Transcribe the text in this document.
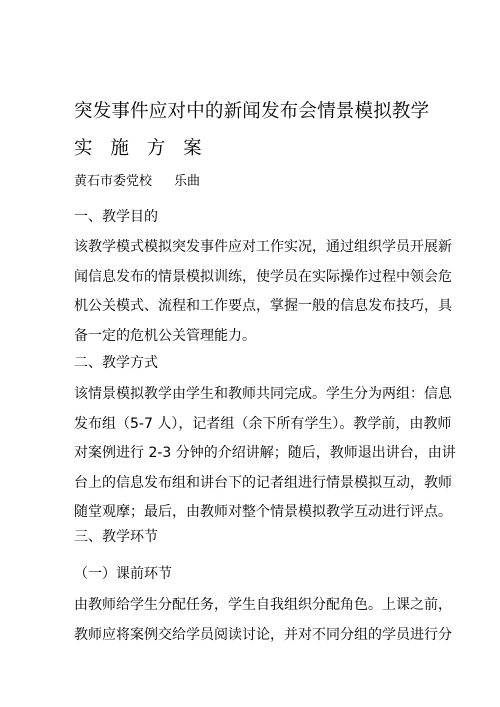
突发事件应对中的新闻发布会情景模拟教学
实 施 方 案
黄石市委党校 乐曲
一、教学目的
该教学模式模拟突发事件应对工作实况，通过组织学员开展新
闻信息发布的情景模拟训练，使学员在实际操作过程中领会危
机公关模式、流程和工作要点，掌握一般的信息发布技巧，具
备一定的危机公关管理能力。
二、教学方式
该情景模拟教学由学生和教师共同完成。学生分为两组：信息
发布组（5-7 人），记者组（余下所有学生）。教学前，由教师
对案例进行 2-3 分钟的介绍讲解；随后，教师退出讲台，由讲
台上的信息发布组和讲台下的记者组进行情景模拟互动，教师
随堂观摩；最后，由教师对整个情景模拟教学互动进行评点。
三、教学环节
（一）课前环节
由教师给学生分配任务，学生自我组织分配角色。上课之前，
教师应将案例交给学员阅读讨论，并对不同分组的学员进行分
